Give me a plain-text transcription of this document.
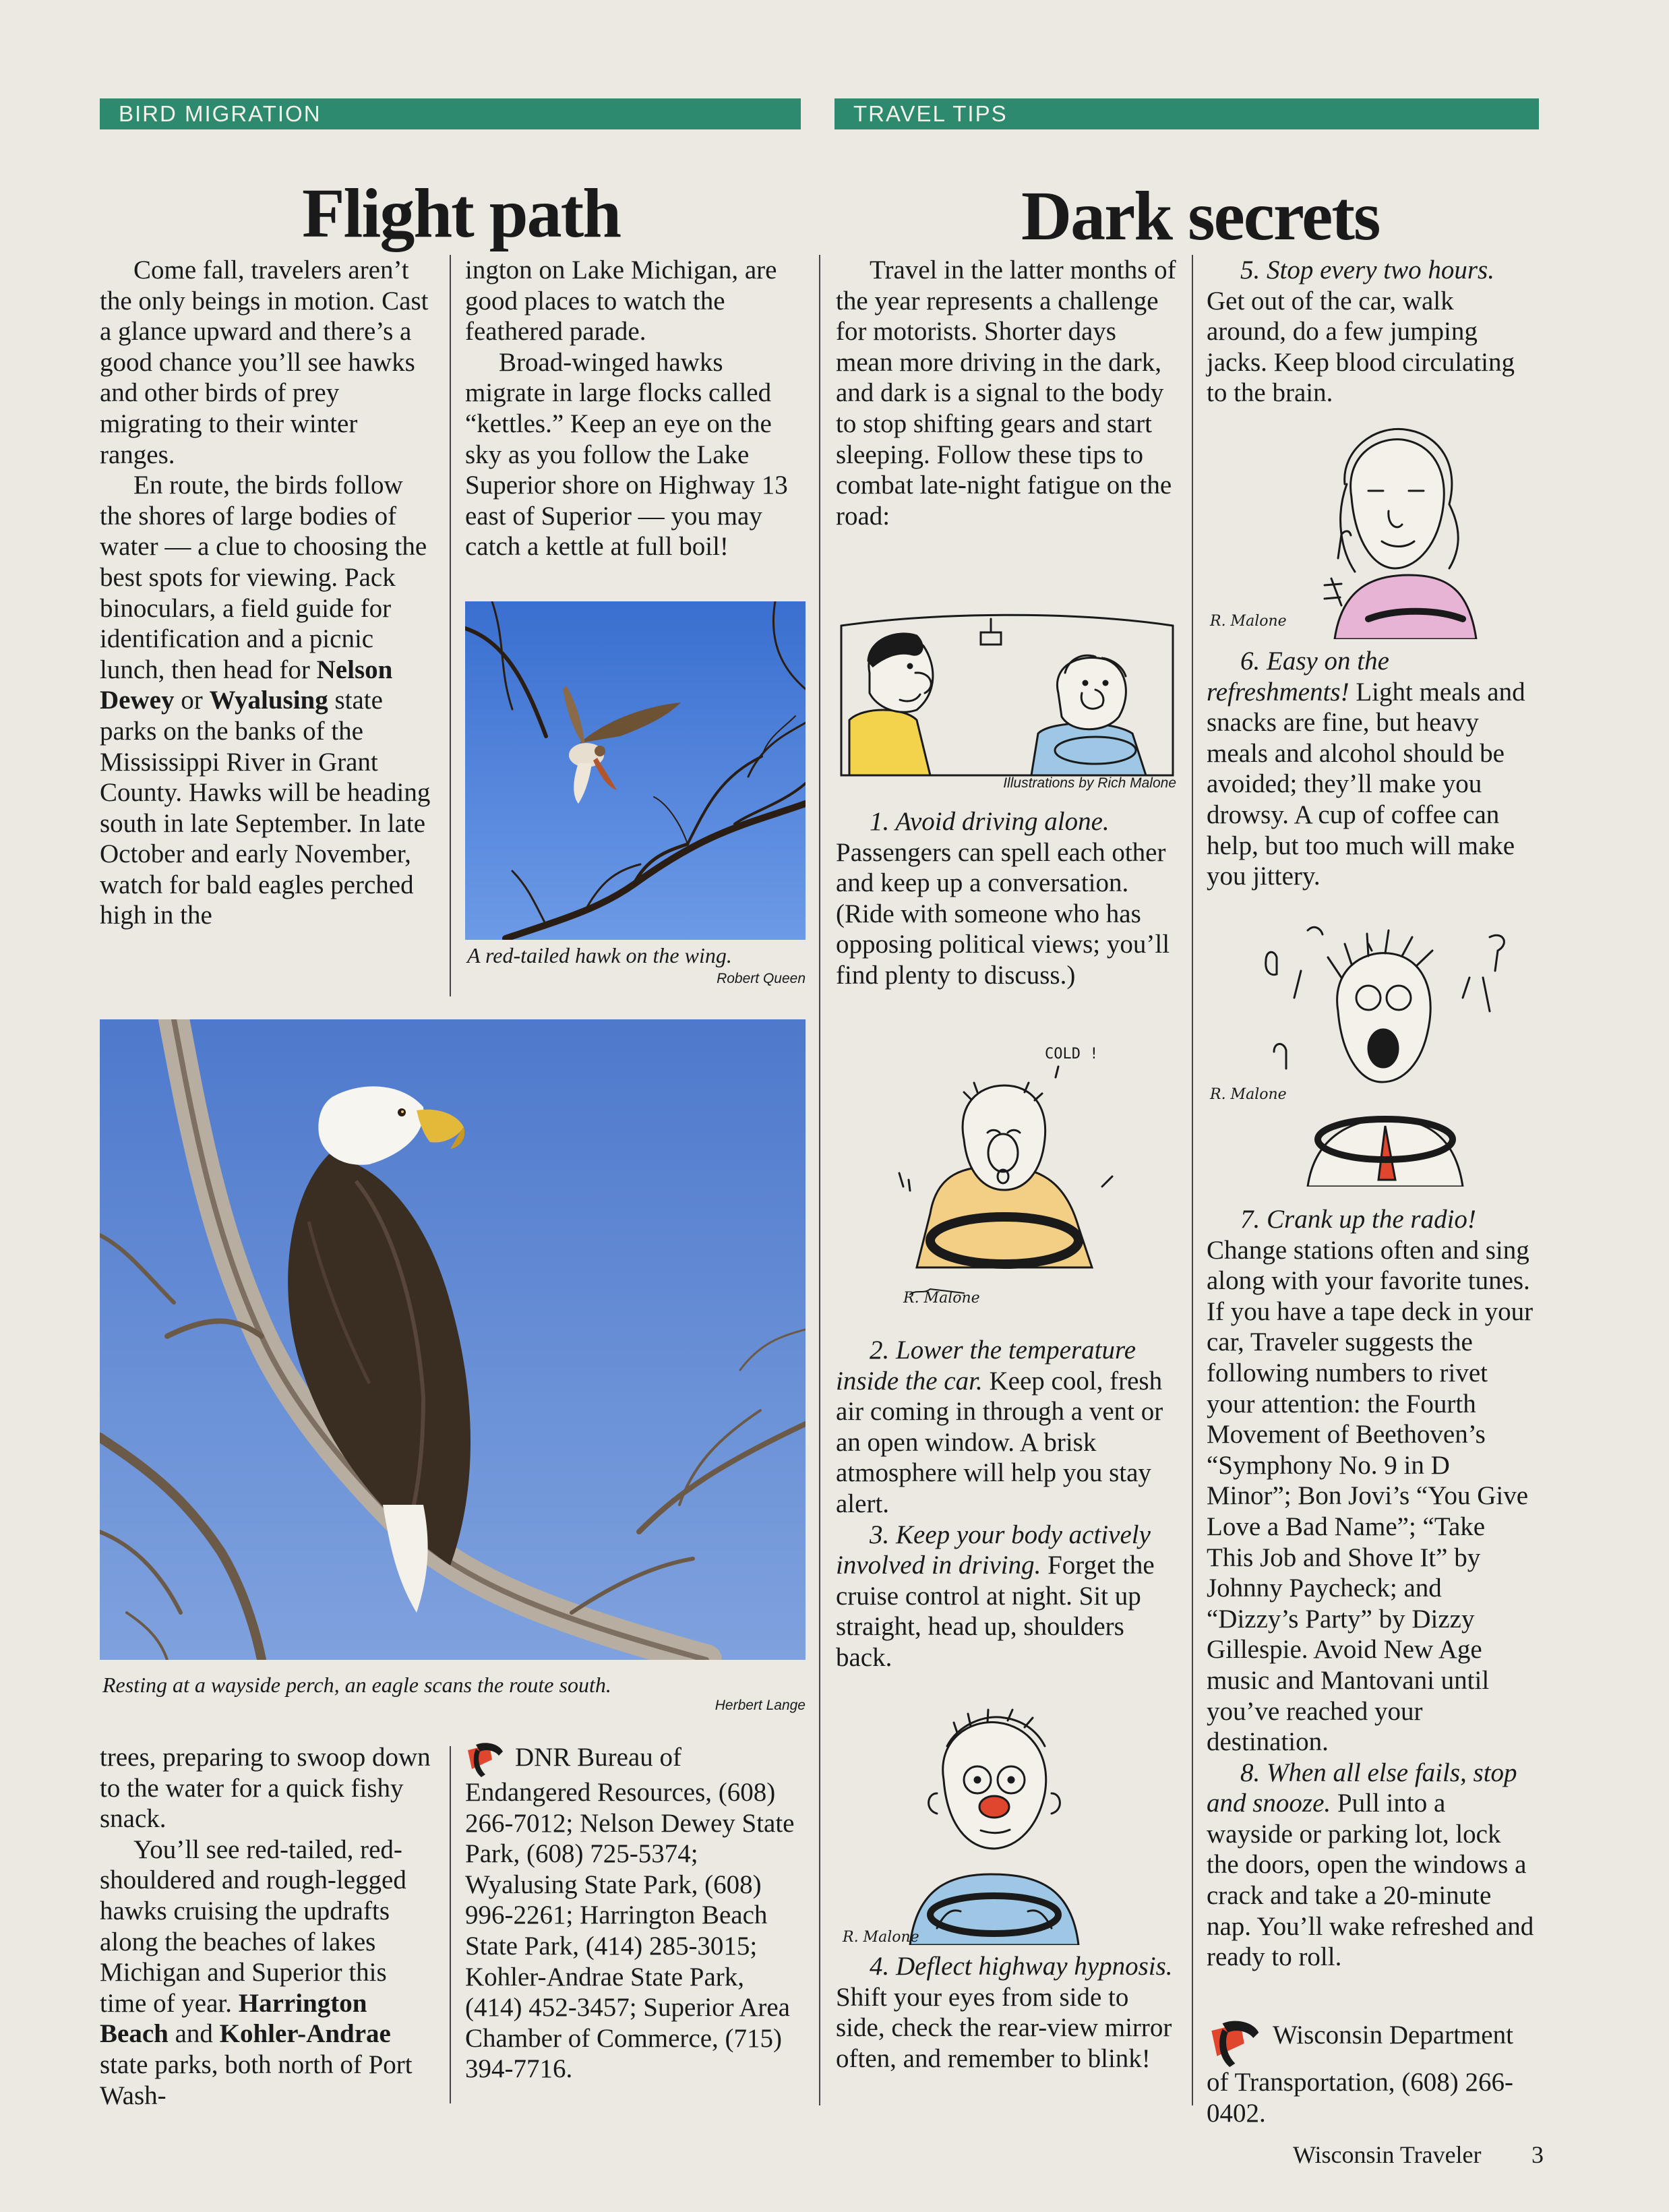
BIRD MIGRATION	TRAVEL TIPS
Flight path	Dark secrets

Come fall, travelers aren’t the only beings in motion. Cast a glance upward and there’s a good chance you’ll see hawks and other birds of prey migrating to their winter ranges.

En route, the birds follow the shores of large bodies of water — a clue to choosing the best spots for viewing. Pack binoculars, a field guide for identification and a picnic lunch, then head for Nelson Dewey or Wyalusing state parks on the banks of the Mississippi River in Grant County. Hawks will be heading south in late September. In late October and early November, watch for bald eagles perched high in the

ington on Lake Michigan, are good places to watch the feathered parade.

Broad-winged hawks migrate in large flocks called “kettles.” Keep an eye on the sky as you follow the Lake Superior shore on Highway 13 east of Superior — you may catch a kettle at full boil!

A red-tailed hawk on the wing.
Robert Queen
Resting at a wayside perch, an eagle scans the route south.
Herbert Lange

trees, preparing to swoop down to the water for a quick fishy snack.

You’ll see red-tailed, red-shouldered and rough-legged hawks cruising the updrafts along the beaches of lakes Michigan and Superior this time of year. Harrington Beach and Kohler-Andrae state parks, both north of Port Wash-

DNR Bureau of Endangered Resources, (608) 266-7012; Nelson Dewey State Park, (608) 725-5374; Wyalusing State Park, (608) 996-2261; Harrington Beach State Park, (414) 285-3015; Kohler-Andrae State Park, (414) 452-3457; Superior Area Chamber of Commerce, (715) 394-7716.

Travel in the latter months of the year represents a challenge for motorists. Shorter days mean more driving in the dark, and dark is a signal to the body to stop shifting gears and start sleeping. Follow these tips to combat late-night fatigue on the road:

Illustrations by Rich Malone

1. Avoid driving alone. Passengers can spell each other and keep up a conversation. (Ride with someone who has opposing political views; you’ll find plenty to discuss.)

COLD !
R. Malone

2. Lower the temperature inside the car. Keep cool, fresh air coming in through a vent or an open window. A brisk atmosphere will help you stay alert.

3. Keep your body actively involved in driving. Forget the cruise control at night. Sit up straight, head up, shoulders back.

R. Malone

4. Deflect highway hypnosis. Shift your eyes from side to side, check the rear-view mirror often, and remember to blink!

5. Stop every two hours. Get out of the car, walk around, do a few jumping jacks. Keep blood circulating to the brain.

R. Malone

6. Easy on the refreshments! Light meals and snacks are fine, but heavy meals and alcohol should be avoided; they’ll make you drowsy. A cup of coffee can help, but too much will make you jittery.

R. Malone

7. Crank up the radio! Change stations often and sing along with your favorite tunes. If you have a tape deck in your car, Traveler suggests the following numbers to rivet your attention: the Fourth Movement of Beethoven’s “Symphony No. 9 in D Minor”; Bon Jovi’s “You Give Love a Bad Name”; “Take This Job and Shove It” by Johnny Paycheck; and “Dizzy’s Party” by Dizzy Gillespie. Avoid New Age music and Mantovani until you’ve reached your destination.

8. When all else fails, stop and snooze. Pull into a wayside or parking lot, lock the doors, open the windows a crack and take a 20-minute nap. You’ll wake refreshed and ready to roll.

Wisconsin Department of Transportation, (608) 266-0402.

Wisconsin Traveler 3
